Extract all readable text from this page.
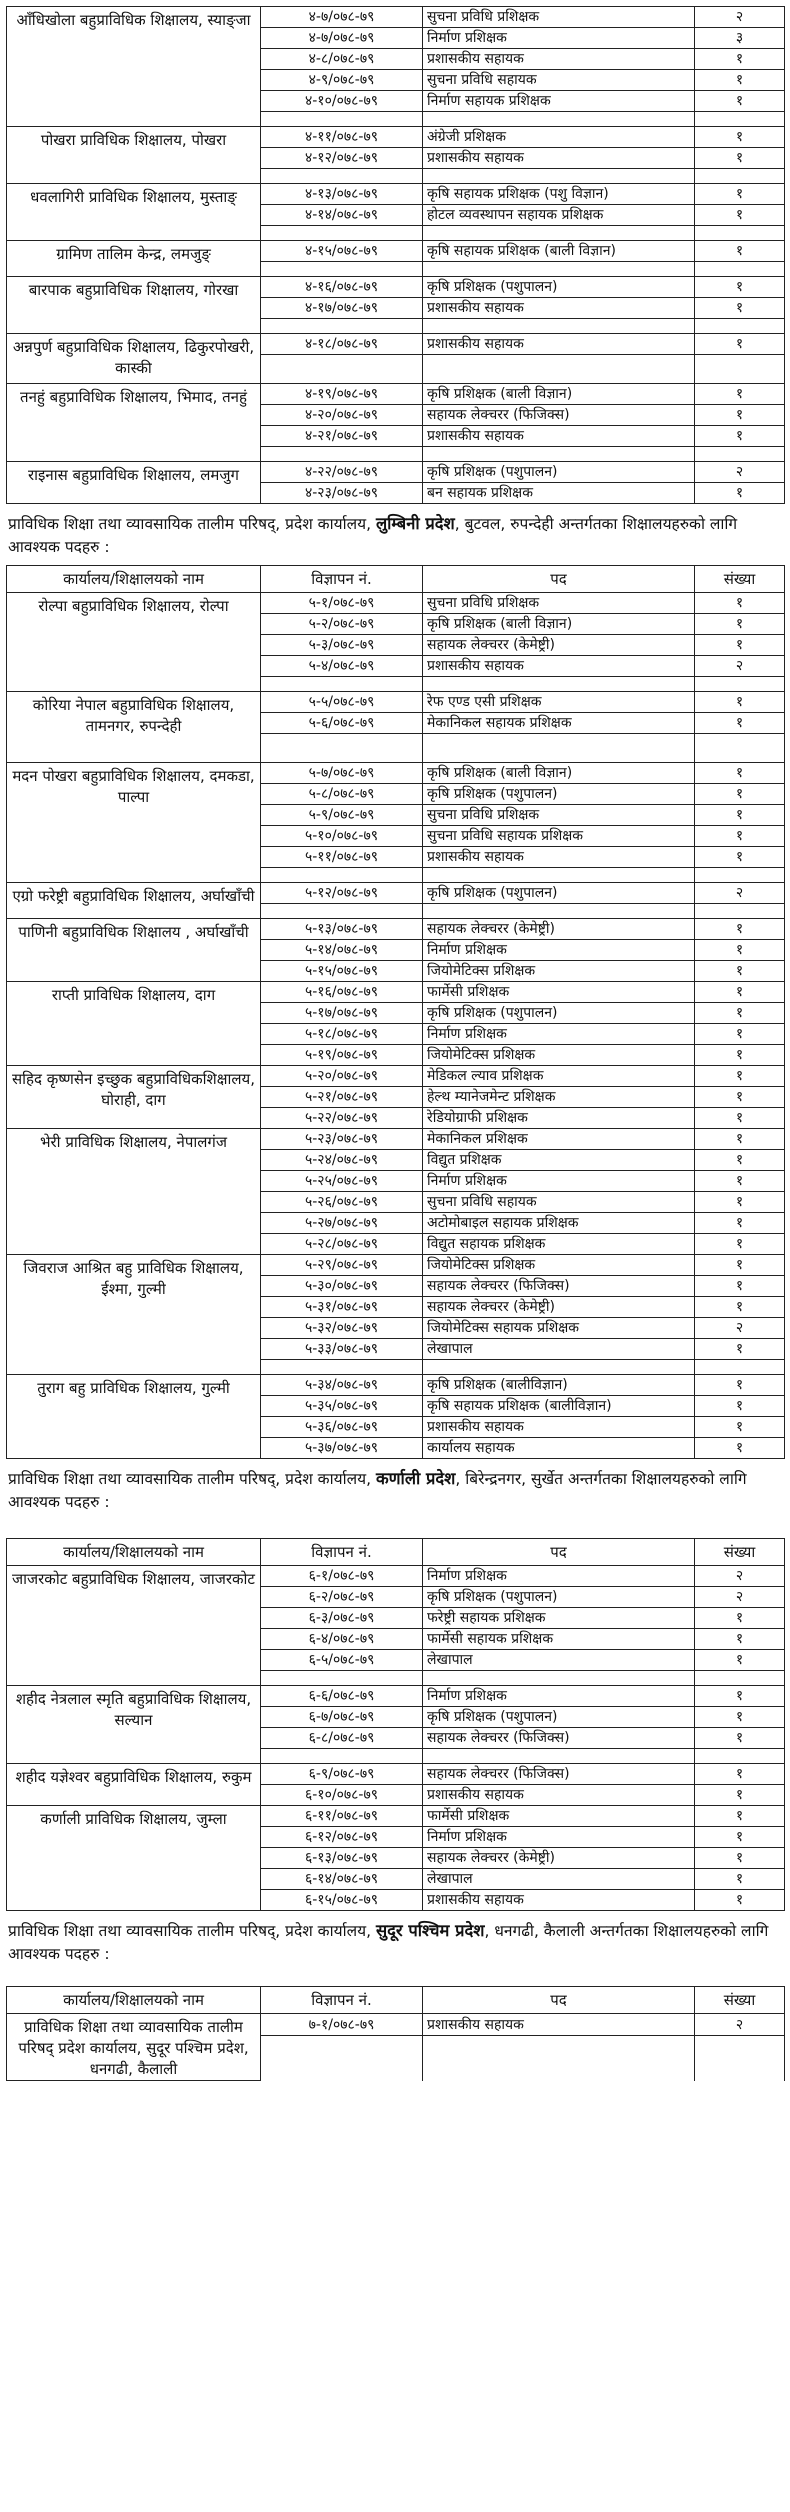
आँधिखोला बहुप्राविधिक शिक्षालय, स्याङ्जा	४-७/०७८-७९	सुचना प्रविधि प्रशिक्षक	२
	४-७/०७८-७९	निर्माण प्रशिक्षक	३
	४-८/०७८-७९	प्रशासकीय सहायक	१
	४-९/०७८-७९	सुचना प्रविधि सहायक	१
	४-१०/०७८-७९	निर्माण सहायक प्रशिक्षक	१

पोखरा प्राविधिक शिक्षालय, पोखरा	४-११/०७८-७९	अंग्रेजी प्रशिक्षक	१
	४-१२/०७८-७९	प्रशासकीय सहायक	१

धवलागिरी प्राविधिक शिक्षालय, मुस्ताङ्	४-१३/०७८-७९	कृषि सहायक प्रशिक्षक (पशु विज्ञान)	१
	४-१४/०७८-७९	होटल व्यवस्थापन सहायक प्रशिक्षक	१

ग्रामिण तालिम केन्द्र, लमजुङ्	४-१५/०७८-७९	कृषि सहायक प्रशिक्षक (बाली विज्ञान)	१

बारपाक बहुप्राविधिक शिक्षालय, गोरखा	४-१६/०७८-७९	कृषि प्रशिक्षक (पशुपालन)	१
	४-१७/०७८-७९	प्रशासकीय सहायक	१

अन्नपुर्ण बहुप्राविधिक शिक्षालय, ढिकुरपोखरी, कास्की	४-१८/०७८-७९	प्रशासकीय सहायक	१

तनहुं बहुप्राविधिक शिक्षालय, भिमाद, तनहुं	४-१९/०७८-७९	कृषि प्रशिक्षक (बाली विज्ञान)	१
	४-२०/०७८-७९	सहायक लेक्चरर (फिजिक्स)	१
	४-२१/०७८-७९	प्रशासकीय सहायक	१

राइनास बहुप्राविधिक शिक्षालय, लमजुग	४-२२/०७८-७९	कृषि प्रशिक्षक (पशुपालन)	२
	४-२३/०७८-७९	बन सहायक प्रशिक्षक	१
प्राविधिक शिक्षा तथा व्यावसायिक तालीम परिषद्, प्रदेश कार्यालय, लुम्बिनी प्रदेश, बुटवल, रुपन्देही अन्तर्गतका शिक्षालयहरुको लागि आवश्यक पदहरु :
कार्यालय/शिक्षालयको नाम	विज्ञापन नं.	पद	संख्या
रोल्पा बहुप्राविधिक शिक्षालय, रोल्पा	५-१/०७८-७९	सुचना प्रविधि प्रशिक्षक	१
	५-२/०७८-७९	कृषि प्रशिक्षक (बाली विज्ञान)	१
	५-३/०७८-७९	सहायक लेक्चरर (केमेष्ट्री)	१
	५-४/०७८-७९	प्रशासकीय सहायक	२

कोरिया नेपाल बहुप्राविधिक शिक्षालय, तामनगर, रुपन्देही	५-५/०७८-७९	रेफ एण्ड एसी प्रशिक्षक	१
	५-६/०७८-७९	मेकानिकल सहायक प्रशिक्षक	१

मदन पोखरा बहुप्राविधिक शिक्षालय, दमकडा, पाल्पा	५-७/०७८-७९	कृषि प्रशिक्षक (बाली विज्ञान)	१
	५-८/०७८-७९	कृषि प्रशिक्षक (पशुपालन)	१
	५-९/०७८-७९	सुचना प्रविधि प्रशिक्षक	१
	५-१०/०७८-७९	सुचना प्रविधि सहायक प्रशिक्षक	१
	५-११/०७८-७९	प्रशासकीय सहायक	१

एग्रो फरेष्ट्री बहुप्राविधिक शिक्षालय, अर्घाखाँची	५-१२/०७८-७९	कृषि प्रशिक्षक (पशुपालन)	२

पाणिनी बहुप्राविधिक शिक्षालय , अर्घाखाँची	५-१३/०७८-७९	सहायक लेक्चरर (केमेष्ट्री)	१
	५-१४/०७८-७९	निर्माण प्रशिक्षक	१
	५-१५/०७८-७९	जियोमेटिक्स प्रशिक्षक	१
राप्ती प्राविधिक शिक्षालय, दाग	५-१६/०७८-७९	फार्मेसी प्रशिक्षक	१
	५-१७/०७८-७९	कृषि प्रशिक्षक (पशुपालन)	१
	५-१८/०७८-७९	निर्माण प्रशिक्षक	१
	५-१९/०७८-७९	जियोमेटिक्स प्रशिक्षक	१
सहिद कृष्णसेन इच्छुक बहुप्राविधिकशिक्षालय, घोराही, दाग	५-२०/०७८-७९	मेडिकल ल्याव प्रशिक्षक	१
	५-२१/०७८-७९	हेल्थ म्यानेजमेन्ट प्रशिक्षक	१
	५-२२/०७८-७९	रेडियोग्राफी प्रशिक्षक	१
भेरी प्राविधिक शिक्षालय, नेपालगंज	५-२३/०७८-७९	मेकानिकल प्रशिक्षक	१
	५-२४/०७८-७९	विद्युत प्रशिक्षक	१
	५-२५/०७८-७९	निर्माण प्रशिक्षक	१
	५-२६/०७८-७९	सुचना प्रविधि सहायक	१
	५-२७/०७८-७९	अटोमोबाइल सहायक प्रशिक्षक	१
	५-२८/०७८-७९	विद्युत सहायक प्रशिक्षक	१
जिवराज आश्रित बहु प्राविधिक शिक्षालय, ईश्मा, गुल्मी	५-२९/०७८-७९	जियोमेटिक्स प्रशिक्षक	१
	५-३०/०७८-७९	सहायक लेक्चरर (फिजिक्स)	१
	५-३१/०७८-७९	सहायक लेक्चरर (केमेष्ट्री)	१
	५-३२/०७८-७९	जियोमेटिक्स सहायक प्रशिक्षक	२
	५-३३/०७८-७९	लेखापाल	१

तुराग बहु प्राविधिक शिक्षालय, गुल्मी	५-३४/०७८-७९	कृषि प्रशिक्षक (बालीविज्ञान)	१
	५-३५/०७८-७९	कृषि सहायक प्रशिक्षक (बालीविज्ञान)	१
	५-३६/०७८-७९	प्रशासकीय सहायक	१
	५-३७/०७८-७९	कार्यालय सहायक	१
प्राविधिक शिक्षा तथा व्यावसायिक तालीम परिषद्, प्रदेश कार्यालय, कर्णाली प्रदेश, बिरेन्द्रनगर, सुर्खेत अन्तर्गतका शिक्षालयहरुको लागि आवश्यक पदहरु :
कार्यालय/शिक्षालयको नाम	विज्ञापन नं.	पद	संख्या
जाजरकोट बहुप्राविधिक शिक्षालय, जाजरकोट	६-१/०७८-७९	निर्माण प्रशिक्षक	२
	६-२/०७८-७९	कृषि प्रशिक्षक (पशुपालन)	२
	६-३/०७८-७९	फरेष्ट्री सहायक प्रशिक्षक	१
	६-४/०७८-७९	फार्मेसी सहायक प्रशिक्षक	१
	६-५/०७८-७९	लेखापाल	१

शहीद नेत्रलाल स्मृति बहुप्राविधिक शिक्षालय, सल्यान	६-६/०७८-७९	निर्माण प्रशिक्षक	१
	६-७/०७८-७९	कृषि प्रशिक्षक (पशुपालन)	१
	६-८/०७८-७९	सहायक लेक्चरर (फिजिक्स)	१

शहीद यज्ञेश्वर बहुप्राविधिक शिक्षालय, रुकुम	६-९/०७८-७९	सहायक लेक्चरर (फिजिक्स)	१
	६-१०/०७८-७९	प्रशासकीय सहायक	१
कर्णाली प्राविधिक शिक्षालय, जुम्ला	६-११/०७८-७९	फार्मेसी प्रशिक्षक	१
	६-१२/०७८-७९	निर्माण प्रशिक्षक	१
	६-१३/०७८-७९	सहायक लेक्चरर (केमेष्ट्री)	१
	६-१४/०७८-७९	लेखापाल	१
	६-१५/०७८-७९	प्रशासकीय सहायक	१
प्राविधिक शिक्षा तथा व्यावसायिक तालीम परिषद्, प्रदेश कार्यालय, सुदूर पश्चिम प्रदेश, धनगढी, कैलाली अन्तर्गतका शिक्षालयहरुको लागि आवश्यक पदहरु :
कार्यालय/शिक्षालयको नाम	विज्ञापन नं.	पद	संख्या
प्राविधिक शिक्षा तथा व्यावसायिक तालीम परिषद् प्रदेश कार्यालय, सुदूर पश्चिम प्रदेश, धनगढी, कैलाली	७-१/०७८-७९	प्रशासकीय सहायक	२
